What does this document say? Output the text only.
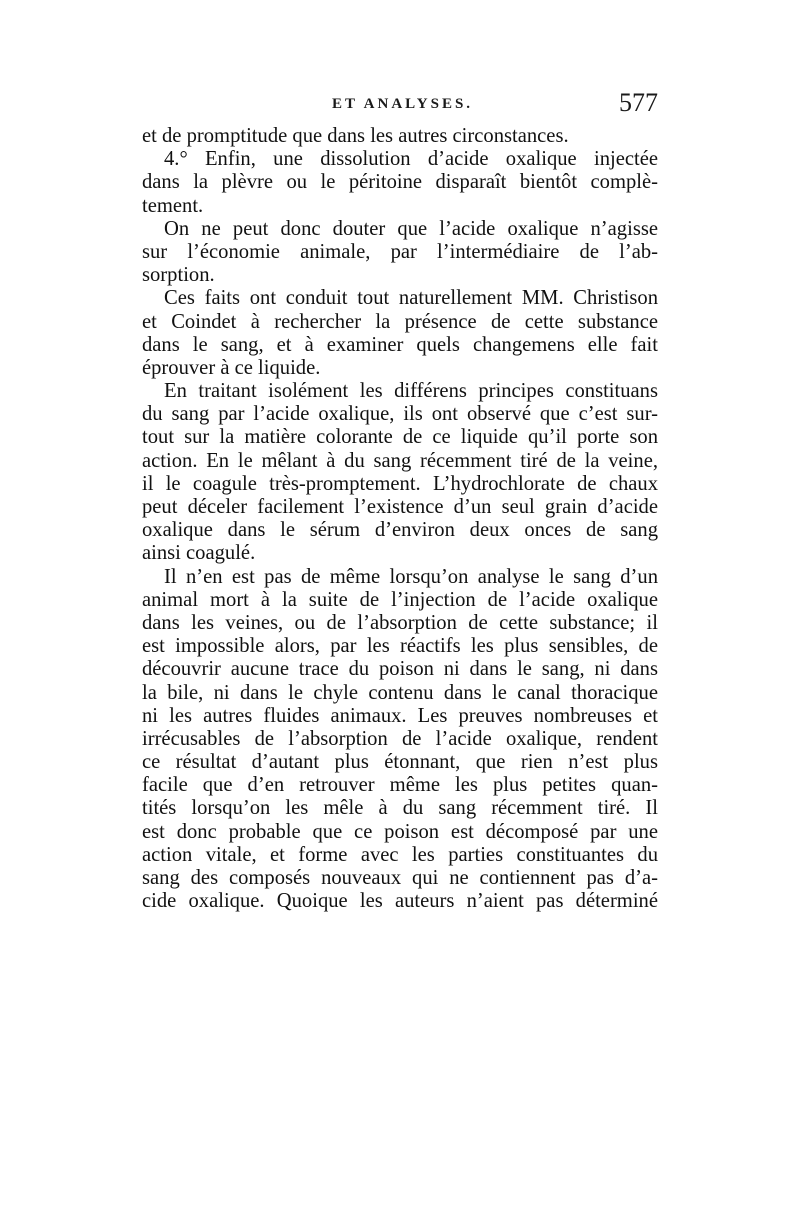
ET ANALYSES.	577
et de promptitude que dans les autres circonstances.
4.° Enfin, une dissolution d’acide oxalique injectée
dans la plèvre ou le péritoine disparaît bientôt complè-
tement.
On ne peut donc douter que l’acide oxalique n’agisse
sur l’économie animale, par l’intermédiaire de l’ab-
sorption.
Ces faits ont conduit tout naturellement MM. Christison
et Coindet à rechercher la présence de cette substance
dans le sang, et à examiner quels changemens elle fait
éprouver à ce liquide.
En traitant isolément les différens principes constituans
du sang par l’acide oxalique, ils ont observé que c’est sur-
tout sur la matière colorante de ce liquide qu’il porte son
action. En le mêlant à du sang récemment tiré de la veine,
il le coagule très-promptement. L’hydrochlorate de chaux
peut déceler facilement l’existence d’un seul grain d’acide
oxalique dans le sérum d’environ deux onces de sang
ainsi coagulé.
Il n’en est pas de même lorsqu’on analyse le sang d’un
animal mort à la suite de l’injection de l’acide oxalique
dans les veines, ou de l’absorption de cette substance; il
est impossible alors, par les réactifs les plus sensibles, de
découvrir aucune trace du poison ni dans le sang, ni dans
la bile, ni dans le chyle contenu dans le canal thoracique
ni les autres fluides animaux. Les preuves nombreuses et
irrécusables de l’absorption de l’acide oxalique, rendent
ce résultat d’autant plus étonnant, que rien n’est plus
facile que d’en retrouver même les plus petites quan-
tités lorsqu’on les mêle à du sang récemment tiré. Il
est donc probable que ce poison est décomposé par une
action vitale, et forme avec les parties constituantes du
sang des composés nouveaux qui ne contiennent pas d’a-
cide oxalique. Quoique les auteurs n’aient pas déterminé
